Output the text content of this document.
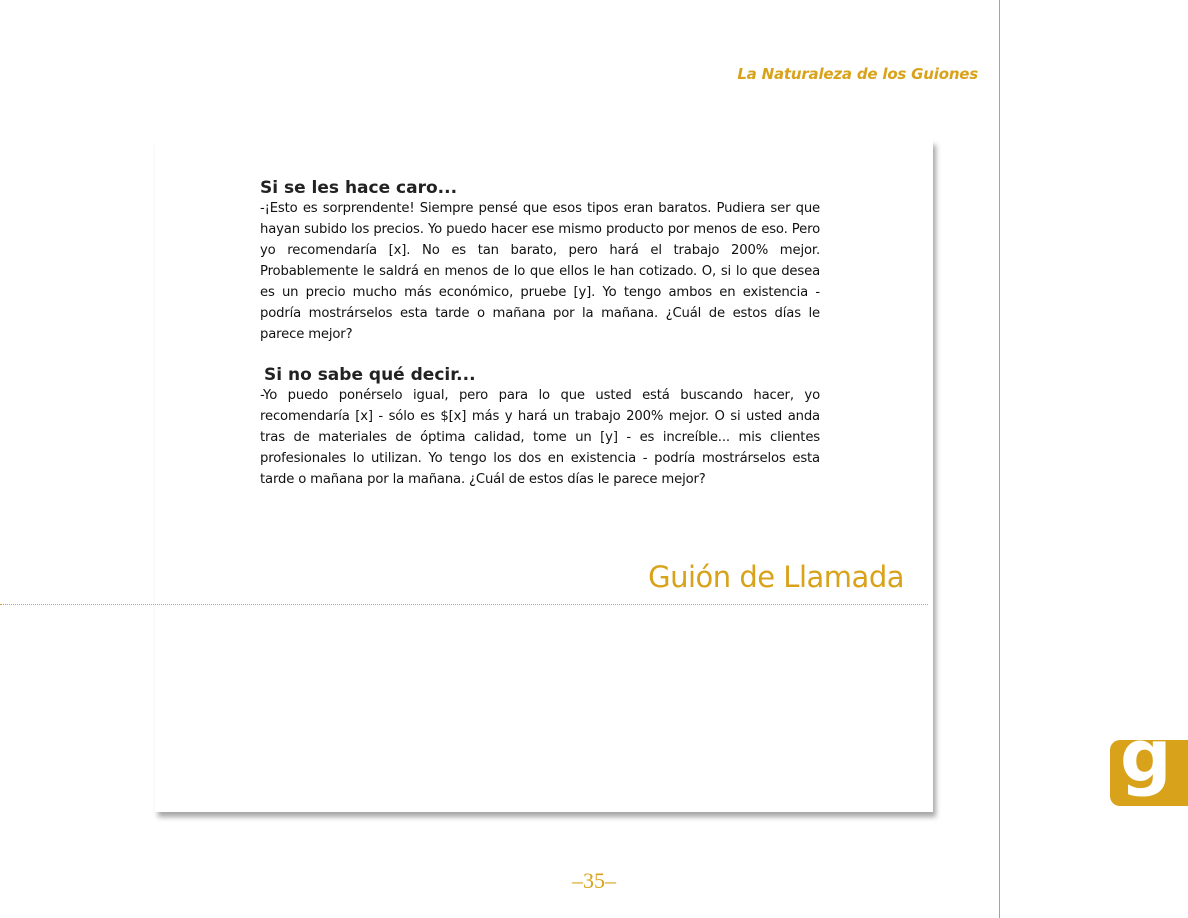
La Naturaleza de los Guiones
Si se les hace caro...

-¡Esto es sorprendente! Siempre pensé que esos tipos eran baratos. Pudiera ser que hayan subido los precios. Yo puedo hacer ese mismo producto por menos de eso. Pero yo recomendaría [x]. No es tan barato, pero hará el trabajo 200% mejor. Probablemente le saldrá en menos de lo que ellos le han cotizado. O, si lo que desea es un precio mucho más económico, pruebe [y]. Yo tengo ambos en existencia - podría mostrárselos esta tarde o mañana por la mañana. ¿Cuál de estos días le parece mejor?

Si no sabe qué decir...

-Yo puedo ponérselo igual, pero para lo que usted está buscando hacer, yo recomendaría [x] - sólo es $[x] más y hará un trabajo 200% mejor. O si usted anda tras de materiales de óptima calidad, tome un [y] - es increíble... mis clientes profesionales lo utilizan. Yo tengo los dos en existencia - podría mostrárselos esta tarde o mañana por la mañana. ¿Cuál de estos días le parece mejor?

Guión de Llamada
g
–35–
